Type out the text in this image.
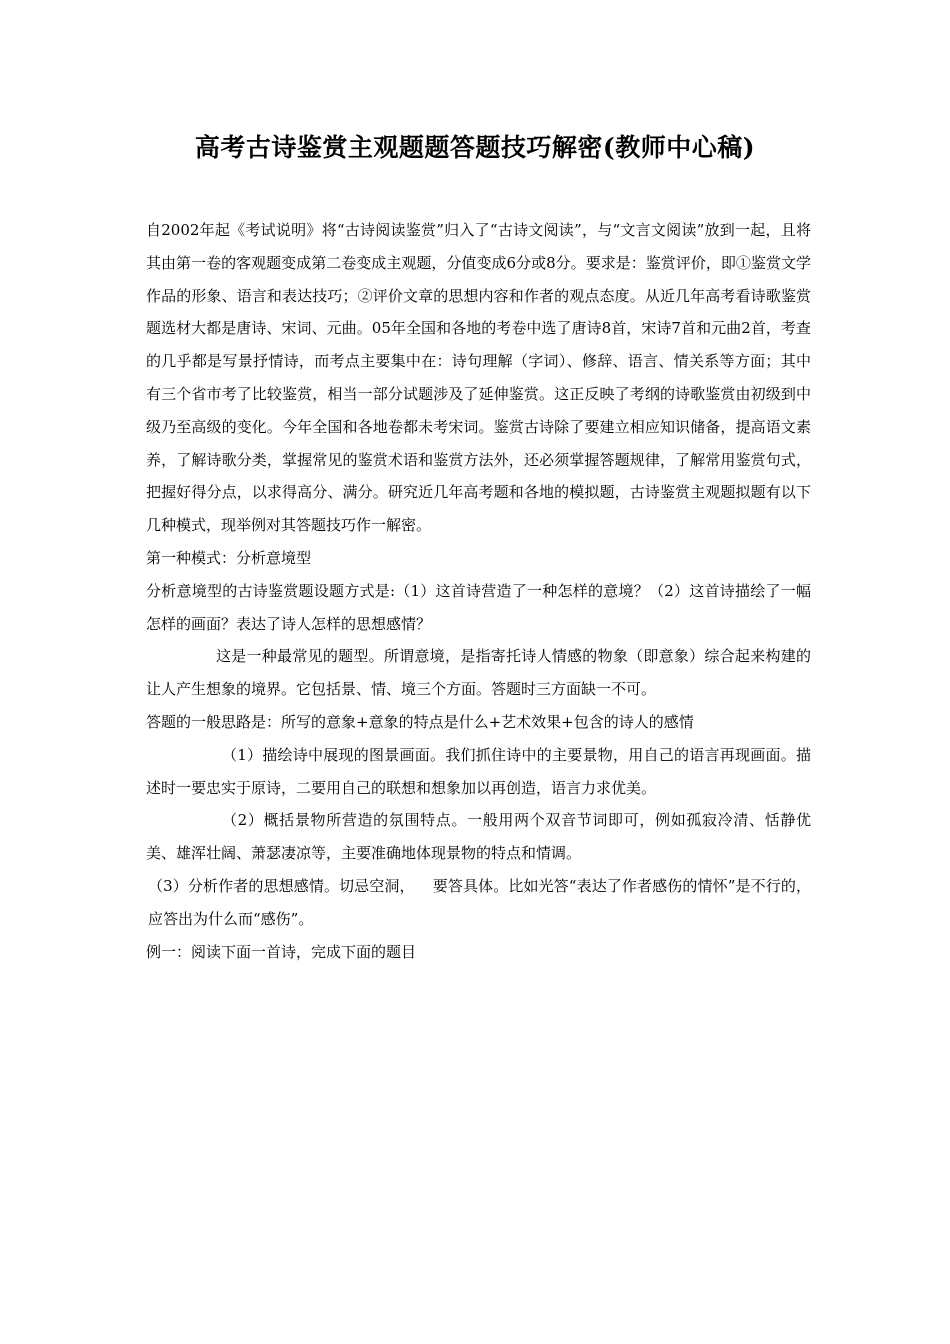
高考古诗鉴赏主观题题答题技巧解密(教师中心稿)

自2002年起《考试说明》将“古诗阅读鉴赏”归入了“古诗文阅读”，与“文言文阅读”放到一起，且将其由第一卷的客观题变成第二卷变成主观题，分值变成6分或8分。要求是：鉴赏评价，即①鉴赏文学作品的形象、语言和表达技巧；②评价文章的思想内容和作者的观点态度。从近几年高考看诗歌鉴赏题选材大都是唐诗、宋词、元曲。05年全国和各地的考卷中选了唐诗8首，宋诗7首和元曲2首，考查的几乎都是写景抒情诗，而考点主要集中在：诗句理解（字词）、修辞、语言、情关系等方面；其中有三个省市考了比较鉴赏，相当一部分试题涉及了延伸鉴赏。这正反映了考纲的诗歌鉴赏由初级到中级乃至高级的变化。今年全国和各地卷都未考宋词。鉴赏古诗除了要建立相应知识储备，提高语文素养，了解诗歌分类，掌握常见的鉴赏术语和鉴赏方法外，还必须掌握答题规律，了解常用鉴赏句式，把握好得分点，以求得高分、满分。研究近几年高考题和各地的模拟题，古诗鉴赏主观题拟题有以下几种模式，现举例对其答题技巧作一解密。

第一种模式：分析意境型

分析意境型的古诗鉴赏题设题方式是:（1）这首诗营造了一种怎样的意境？（2）这首诗描绘了一幅怎样的画面？表达了诗人怎样的思想感情？

这是一种最常见的题型。所谓意境，是指寄托诗人情感的物象（即意象）综合起来构建的让人产生想象的境界。它包括景、情、境三个方面。答题时三方面缺一不可。

答题的一般思路是：所写的意象+意象的特点是什么+艺术效果+包含的诗人的感情

（1）描绘诗中展现的图景画面。我们抓住诗中的主要景物，用自己的语言再现画面。描述时一要忠实于原诗，二要用自己的联想和想象加以再创造，语言力求优美。

（2）概括景物所营造的氛围特点。一般用两个双音节词即可，例如孤寂冷清、恬静优美、雄浑壮阔、萧瑟凄凉等，主要准确地体现景物的特点和情调。

（3）分析作者的思想感情。切忌空洞， 要答具体。比如光答“表达了作者感伤的情怀”是不行的，应答出为什么而“感伤”。

例一：阅读下面一首诗，完成下面的题目
